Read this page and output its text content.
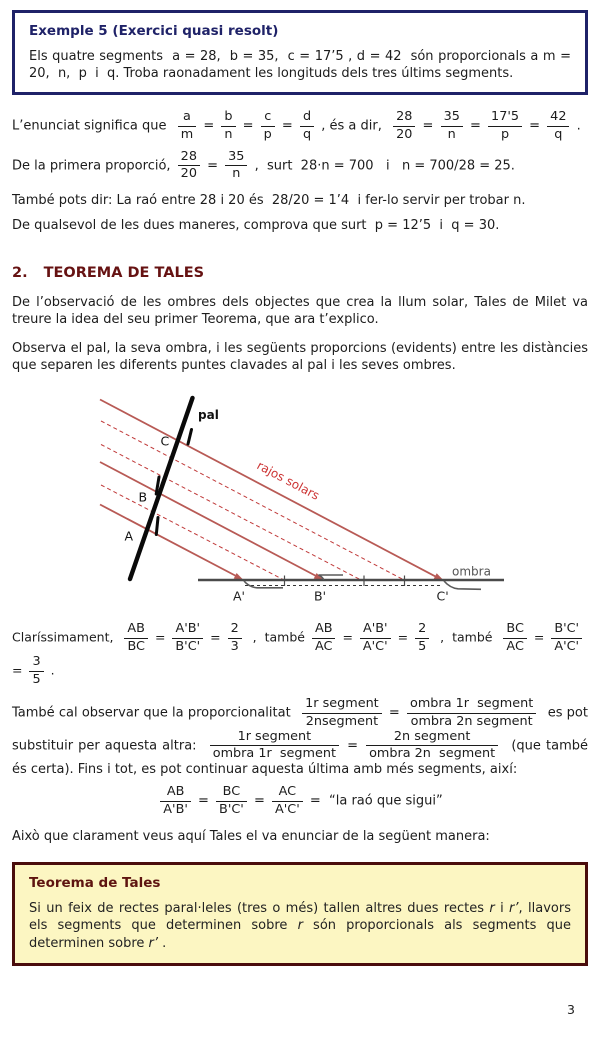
Exemple 5 (Exercici quasi resolt)
Els quatre segments  a = 28,  b = 35,  c = 17’5 , d = 42  són proporcionals a m = 20,  n,  p  i  q. Troba raonadament les longituds dels tres últims segments.

L’enunciat significa que $\frac{a}{m} = \frac{b}{n} = \frac{c}{p} = \frac{d}{q}$ , és a dir, $\frac{28}{20} = \frac{35}{n} = \frac{17'5}{p} = \frac{42}{q}$ .

De la primera proporció, $\frac{28}{20} = \frac{35}{n}$ ,  surt  28·n = 700   i   n = 700/28 = 25.

També pots dir: La raó entre 28 i 20 és  28/20 = 1’4  i fer-lo servir per trobar n.

De qualsevol de les dues maneres, comprova que surt  p = 12’5  i  q = 30.

2. TEOREMA DE TALES

De l’observació de les ombres dels objectes que crea la llum solar, Tales de Milet va treure la idea del seu primer Teorema, que ara t’explico.

Observa el pal, la seva ombra, i les següents proporcions (evidents) entre les distàncies que separen les diferents puntes clavades al pal i les seves ombres.

pal
C
B
A
rajos solars
ombra
A'	B'	C'

Claríssimament, $\frac{AB}{BC} = \frac{A'B'}{B'C'} = \frac{2}{3}$ ,  també $\frac{AB}{AC} = \frac{A'B'}{A'C'} = \frac{2}{5}$ ,  també $\frac{BC}{AC} = \frac{B'C'}{A'C'}$
= $\frac{3}{5}$ .

També cal observar que la proporcionalitat $\frac{\text{1r segment}}{\text{2nsegment}} = \frac{\text{ombra 1r  segment}}{\text{ombra 2n segment}}$ es pot substituir per aquesta altra: $\frac{\text{1r segment}}{\text{ombra 1r  segment}} = \frac{\text{2n segment}}{\text{ombra 2n  segment}} (que$ també és certa). Fins i tot, es pot continuar aquesta última amb més segments, així:

$\frac{AB}{A'B'} = \frac{BC}{B'C'} = \frac{AC}{A'C'}$ =  “la raó que sigui”

Això que clarament veus aquí Tales el va enunciar de la següent manera:

Teorema de Tales
Si un feix de rectes paral·leles (tres o més) tallen altres dues rectes r i r’, llavors els segments que determinen sobre r són proporcionals als segments que determinen sobre r’ .
3
